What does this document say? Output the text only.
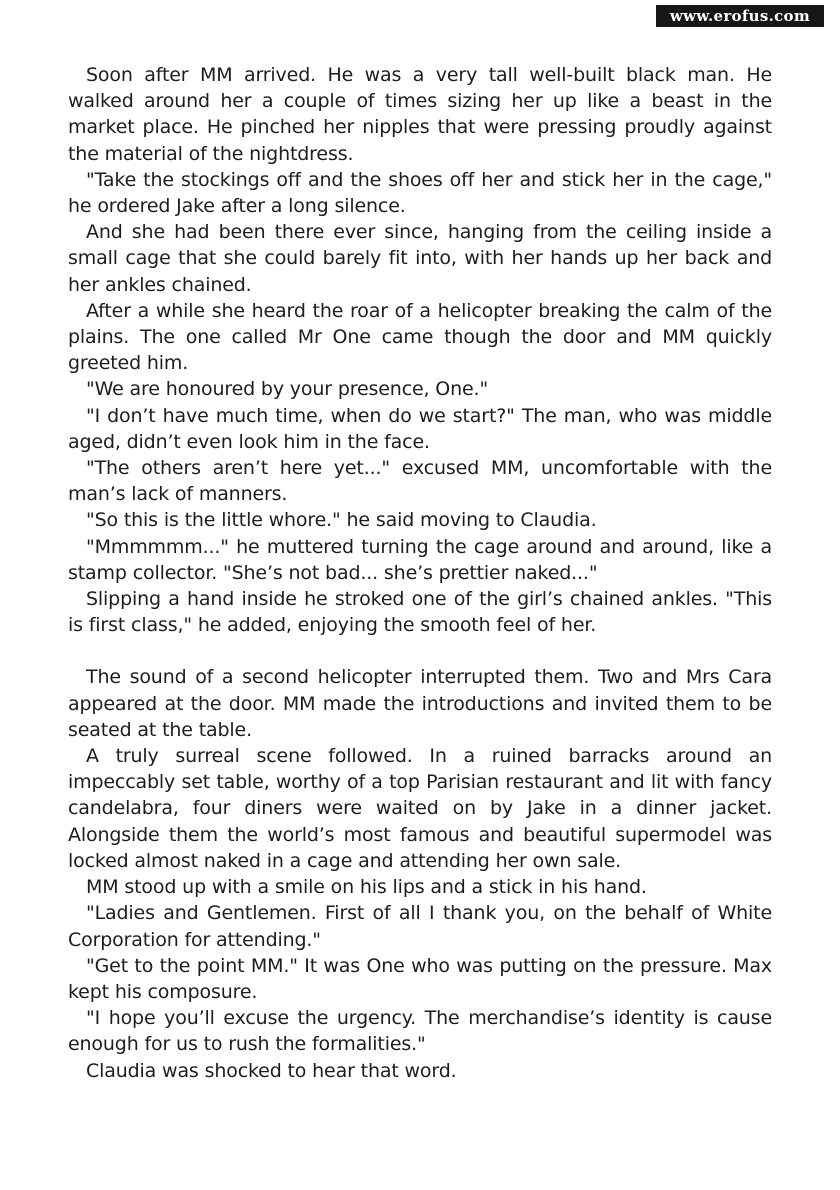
www.erofus.com

Soon after MM arrived. He was a very tall well-built black man. He walked around her a couple of times sizing her up like a beast in the market place. He pinched her nipples that were pressing proudly against the material of the nightdress.

"Take the stockings off and the shoes off her and stick her in the cage," he ordered Jake after a long silence.

And she had been there ever since, hanging from the ceiling inside a small cage that she could barely fit into, with her hands up her back and her ankles chained.

After a while she heard the roar of a helicopter breaking the calm of the plains. The one called Mr One came though the door and MM quickly greeted him.

"We are honoured by your presence, One."

"I don’t have much time, when do we start?" The man, who was middle aged, didn’t even look him in the face.

"The others aren’t here yet..." excused MM, uncomfortable with the man’s lack of manners.

"So this is the little whore." he said moving to Claudia.

"Mmmmmm..." he muttered turning the cage around and around, like a stamp collector. "She’s not bad... she’s prettier naked..."

Slipping a hand inside he stroked one of the girl’s chained ankles. "This is first class," he added, enjoying the smooth feel of her.

The sound of a second helicopter interrupted them. Two and Mrs Cara appeared at the door. MM made the introductions and invited them to be seated at the table.

A truly surreal scene followed. In a ruined barracks around an impeccably set table, worthy of a top Parisian restaurant and lit with fancy candelabra, four diners were waited on by Jake in a dinner jacket. Alongside them the world’s most famous and beautiful supermodel was locked almost naked in a cage and attending her own sale.

MM stood up with a smile on his lips and a stick in his hand.

"Ladies and Gentlemen. First of all I thank you, on the behalf of White Corporation for attending."

"Get to the point MM." It was One who was putting on the pressure. Max kept his composure.

"I hope you’ll excuse the urgency. The merchandise’s identity is cause enough for us to rush the formalities."

Claudia was shocked to hear that word.
